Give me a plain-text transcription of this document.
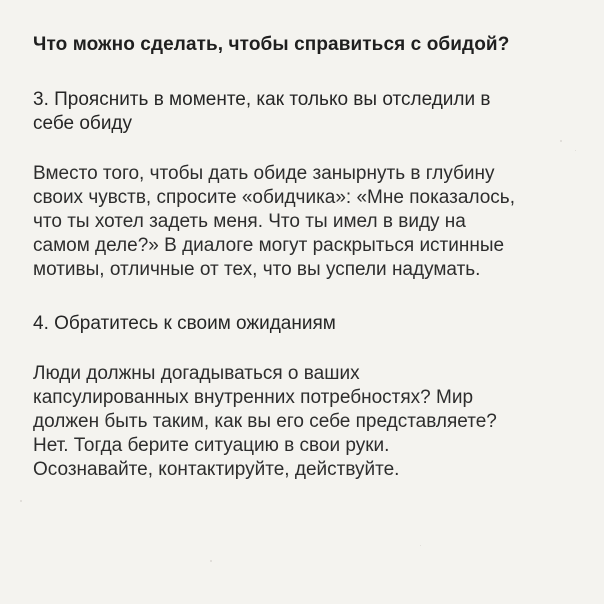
Что можно сделать, чтобы справиться с обидой?
3. Прояснить в моменте, как только вы отследили в
себе обиду
Вместо того, чтобы дать обиде занырнуть в глубину
своих чувств, спросите «обидчика»: «Мне показалось,
что ты хотел задеть меня. Что ты имел в виду на
самом деле?» В диалоге могут раскрыться истинные
мотивы, отличные от тех, что вы успели надумать.
4. Обратитесь к своим ожиданиям
Люди должны догадываться о ваших
капсулированных внутренних потребностях? Мир
должен быть таким, как вы его себе представляете?
Нет. Тогда берите ситуацию в свои руки.
Осознавайте, контактируйте, действуйте.
